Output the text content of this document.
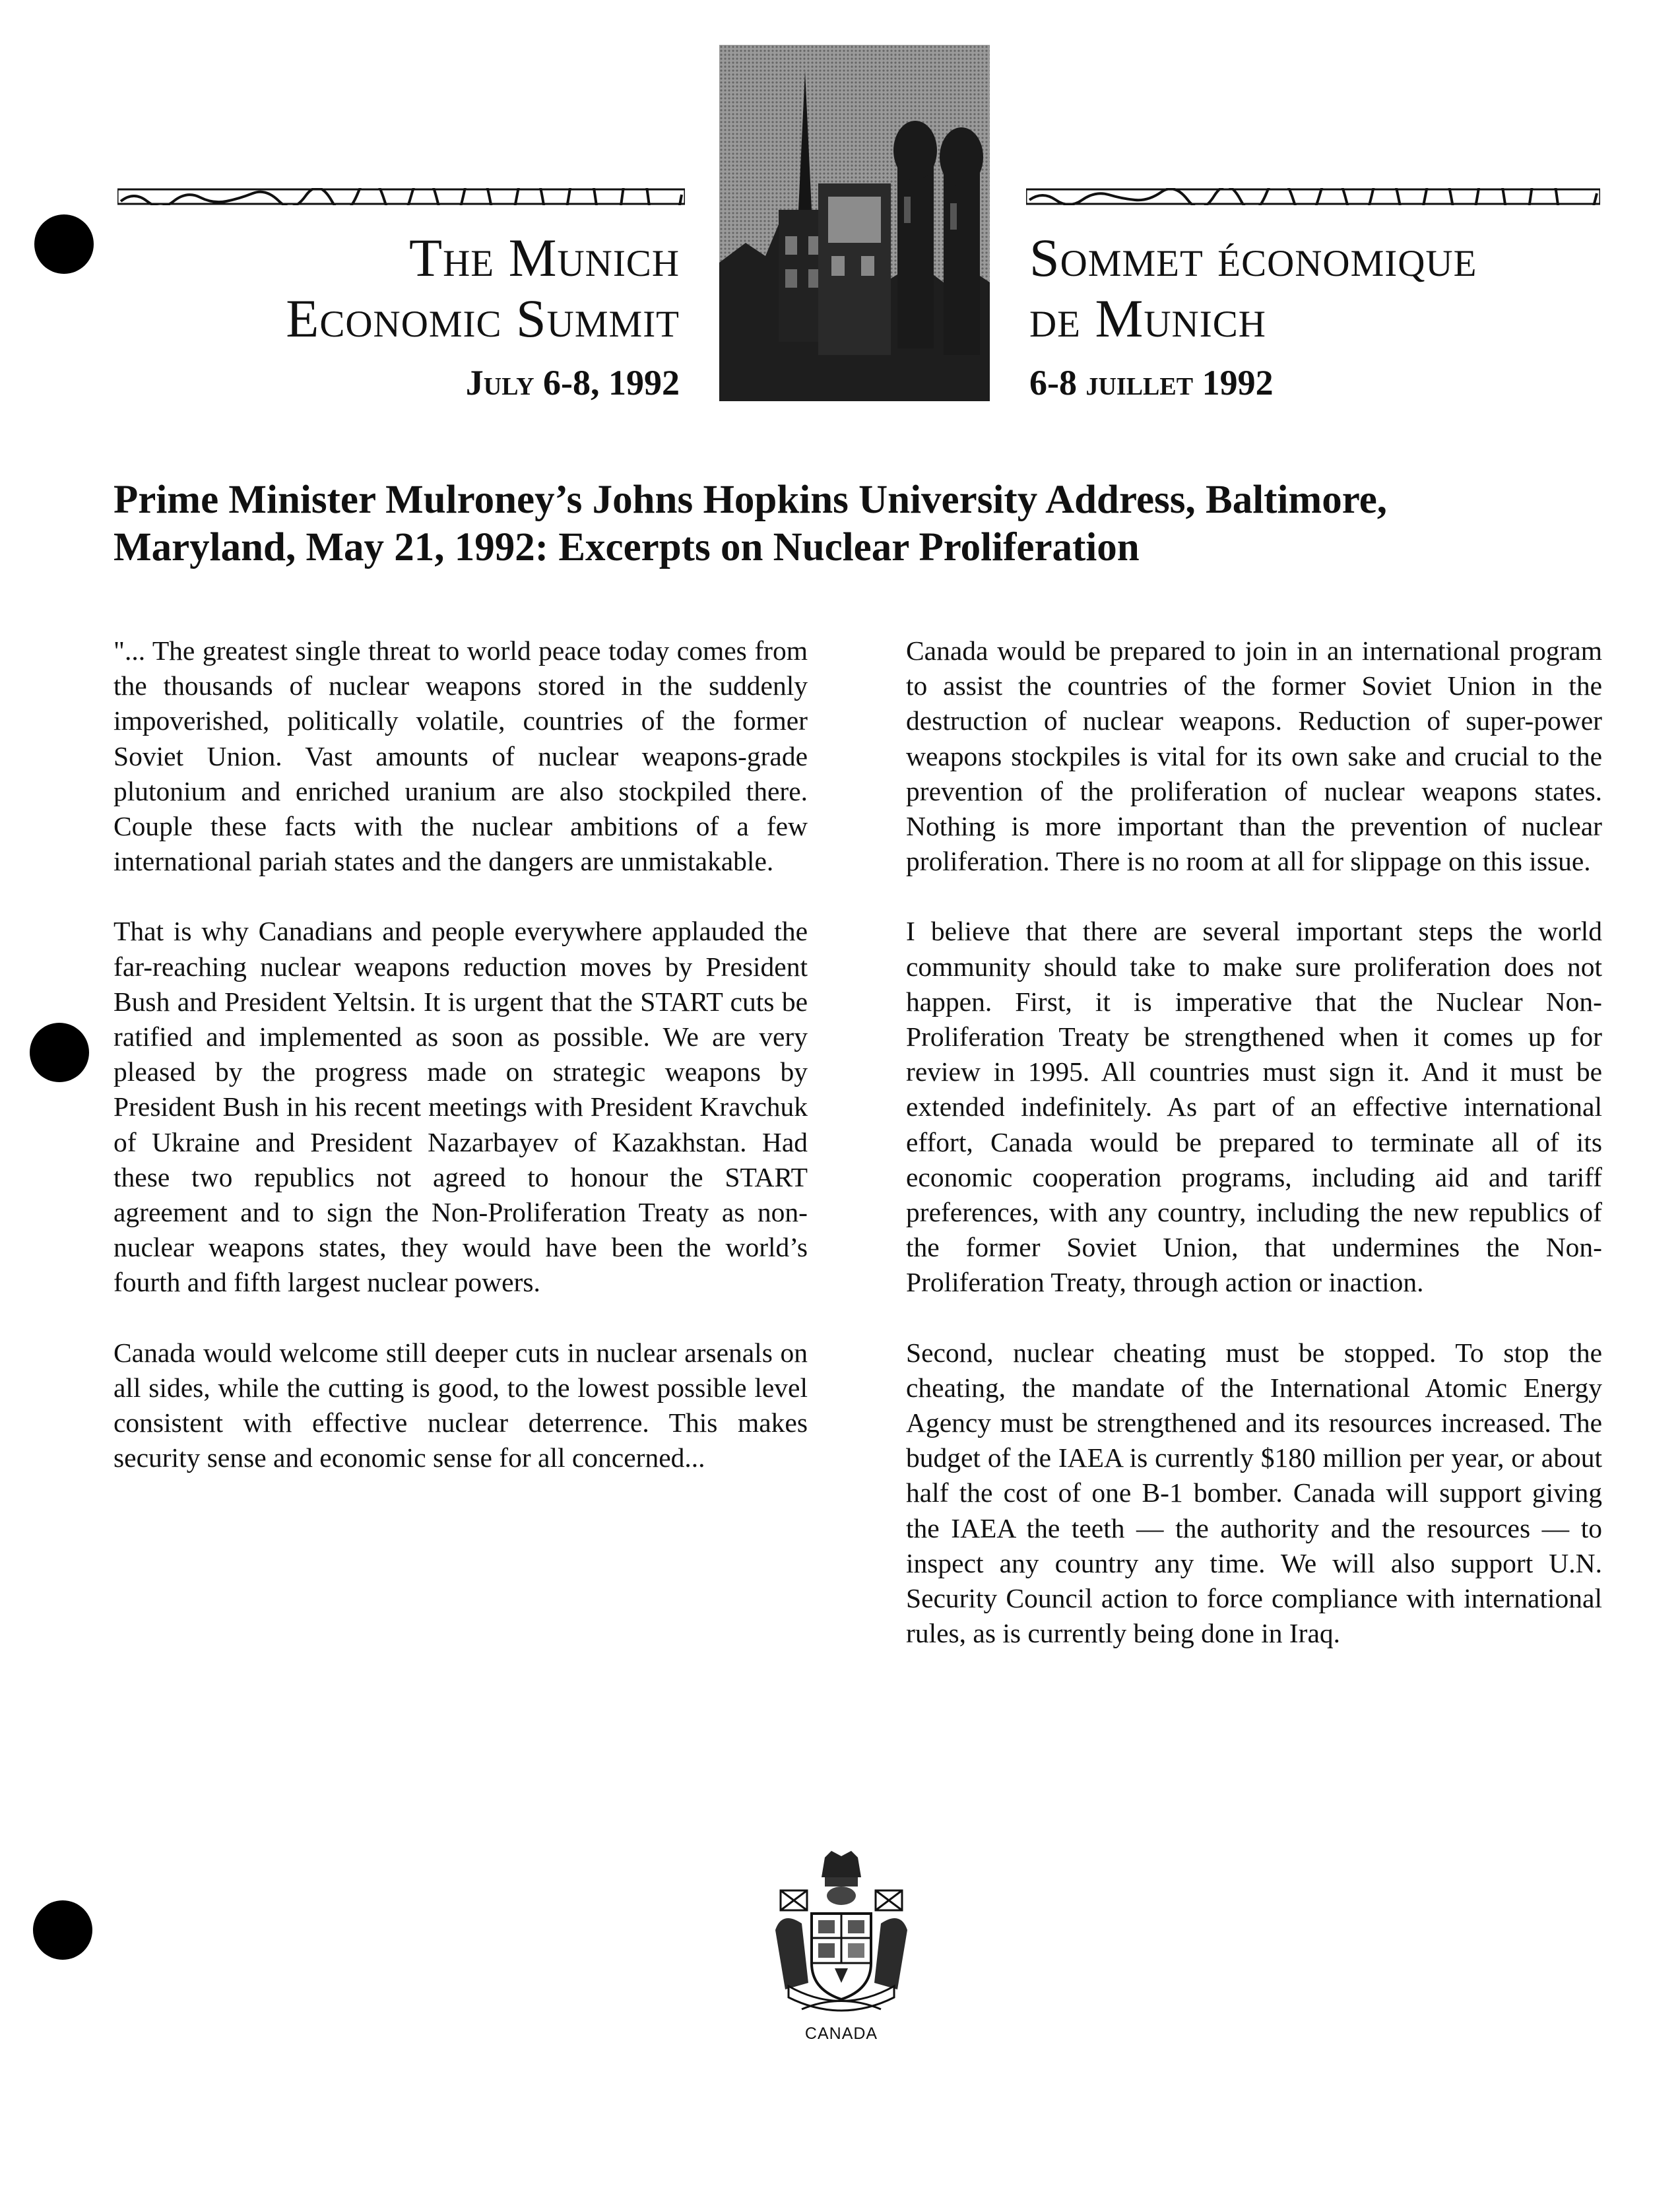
The Munich
Economic Summit
July 6-8, 1992
Sommet économique
de Munich
6-8 juillet 1992
Prime Minister Mulroney’s Johns Hopkins University Address, Baltimore,
Maryland, May 21, 1992: Excerpts on Nuclear Proliferation

"... The greatest single threat to world peace today comes from the thousands of nuclear weapons stored in the suddenly impoverished, politically volatile, countries of the former Soviet Union. Vast amounts of nuclear weapons-grade plutonium and enriched uranium are also stockpiled there. Couple these facts with the nuclear ambitions of a few international pariah states and the dangers are unmistakable.

That is why Canadians and people everywhere applauded the far-reaching nuclear weapons reduction moves by President Bush and President Yeltsin. It is urgent that the START cuts be ratified and implemented as soon as possible. We are very pleased by the progress made on strategic weapons by President Bush in his recent meetings with President Kravchuk of Ukraine and President Nazarbayev of Kazakhstan. Had these two republics not agreed to honour the START agreement and to sign the Non-Proliferation Treaty as non-nuclear weapons states, they would have been the world’s fourth and fifth largest nuclear powers.

Canada would welcome still deeper cuts in nuclear arsenals on all sides, while the cutting is good, to the lowest possible level consistent with effective nuclear deterrence. This makes security sense and economic sense for all concerned...

Canada would be prepared to join in an international program to assist the countries of the former Soviet Union in the destruction of nuclear weapons. Reduction of super-power weapons stockpiles is vital for its own sake and crucial to the prevention of the proliferation of nuclear weapons states. Nothing is more important than the prevention of nuclear proliferation. There is no room at all for slippage on this issue.

I believe that there are several important steps the world community should take to make sure proliferation does not happen. First, it is imperative that the Nuclear Non-Proliferation Treaty be strengthened when it comes up for review in 1995. All countries must sign it. And it must be extended indefinitely. As part of an effective international effort, Canada would be prepared to terminate all of its economic cooperation programs, including aid and tariff preferences, with any country, including the new republics of the former Soviet Union, that undermines the Non-Proliferation Treaty, through action or inaction.

Second, nuclear cheating must be stopped. To stop the cheating, the mandate of the International Atomic Energy Agency must be strengthened and its resources increased. The budget of the IAEA is currently $180 million per year, or about half the cost of one B-1 bomber. Canada will support giving the IAEA the teeth — the authority and the resources — to inspect any country any time. We will also support U.N. Security Council action to force compliance with international rules, as is currently being done in Iraq.

CANADA
